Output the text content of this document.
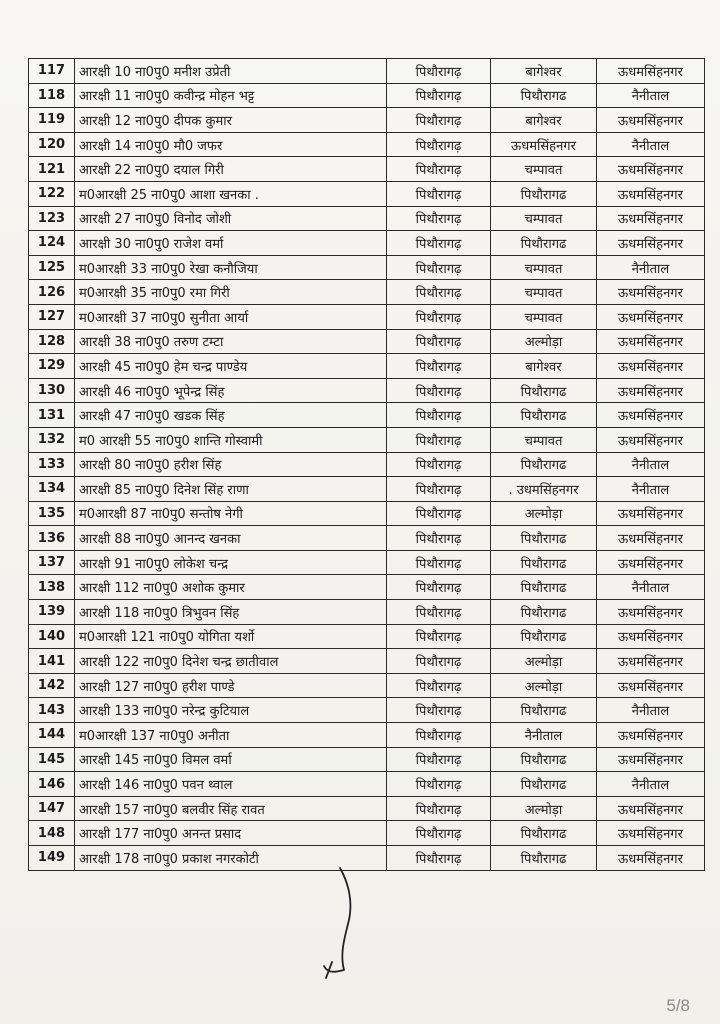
117	आरक्षी 10 ना0पु0 मनीश उप्रेती	पिथौरागढ़	बागेश्वर	ऊधमसिंहनगर
118	आरक्षी 11 ना0पु0 कवीन्द्र मोहन भट्ट	पिथौरागढ़	पिथौरागढ	नैनीताल
119	आरक्षी 12 ना0पु0 दीपक कुमार	पिथौरागढ़	बागेश्वर	ऊधमसिंहनगर
120	आरक्षी 14 ना0पु0 मौ0 जफर	पिथौरागढ़	ऊधमसिंहनगर	नैनीताल
121	आरक्षी 22 ना0पु0 दयाल गिरी	पिथौरागढ़	चम्पावत	ऊधमसिंहनगर
122	म0आरक्षी 25 ना0पु0 आशा खनका .	पिथौरागढ़	पिथौरागढ	ऊधमसिंहनगर
123	आरक्षी 27 ना0पु0 विनोद जोशी	पिथौरागढ़	चम्पावत	ऊधमसिंहनगर
124	आरक्षी 30 ना0पु0 राजेश वर्मा	पिथौरागढ़	पिथौरागढ	ऊधमसिंहनगर
125	म0आरक्षी 33 ना0पु0 रेखा कनौजिया	पिथौरागढ़	चम्पावत	नैनीताल
126	म0आरक्षी 35 ना0पु0 रमा गिरी	पिथौरागढ़	चम्पावत	ऊधमसिंहनगर
127	म0आरक्षी 37 ना0पु0 सुनीता आर्या	पिथौरागढ़	चम्पावत	ऊधमसिंहनगर
128	आरक्षी 38 ना0पु0 तरुण टम्टा	पिथौरागढ़	अल्मोड़ा	ऊधमसिंहनगर
129	आरक्षी 45 ना0पु0 हेम चन्द्र पाण्डेय	पिथौरागढ़	बागेश्वर	ऊधमसिंहनगर
130	आरक्षी 46 ना0पु0 भूपेन्द्र सिंह	पिथौरागढ़	पिथौरागढ	ऊधमसिंहनगर
131	आरक्षी 47 ना0पु0 खडक सिंह	पिथौरागढ़	पिथौरागढ	ऊधमसिंहनगर
132	म0 आरक्षी 55 ना0पु0 शान्ति गोस्वामी	पिथौरागढ़	चम्पावत	ऊधमसिंहनगर
133	आरक्षी 80 ना0पु0 हरीश सिंह	पिथौरागढ़	पिथौरागढ	नैनीताल
134	आरक्षी 85 ना0पु0 दिनेश सिंह राणा	पिथौरागढ़	. उधमसिंहनगर	नैनीताल
135	म0आरक्षी 87 ना0पु0 सन्तोष नेगी	पिथौरागढ़	अल्मोड़ा	ऊधमसिंहनगर
136	आरक्षी 88 ना0पु0 आनन्द खनका	पिथौरागढ़	पिथौरागढ	ऊधमसिंहनगर
137	आरक्षी 91 ना0पु0 लोकेश चन्द्र	पिथौरागढ़	पिथौरागढ	ऊधमसिंहनगर
138	आरक्षी 112 ना0पु0 अशोक कुमार	पिथौरागढ़	पिथौरागढ	नैनीताल
139	आरक्षी 118 ना0पु0 त्रिभुवन सिंह	पिथौरागढ़	पिथौरागढ	ऊधमसिंहनगर
140	म0आरक्षी 121 ना0पु0 योगिता यर्शो	पिथौरागढ़	पिथौरागढ	ऊधमसिंहनगर
141	आरक्षी 122 ना0पु0 दिनेश चन्द्र छातीवाल	पिथौरागढ़	अल्मोड़ा	ऊधमसिंहनगर
142	आरक्षी 127 ना0पु0 हरीश पाण्डे	पिथौरागढ़	अल्मोड़ा	ऊधमसिंहनगर
143	आरक्षी 133 ना0पु0 नरेन्द्र कुटियाल	पिथौरागढ़	पिथौरागढ	नैनीताल
144	म0आरक्षी 137 ना0पु0 अनीता	पिथौरागढ़	नैनीताल	ऊधमसिंहनगर
145	आरक्षी 145 ना0पु0 विमल वर्मा	पिथौरागढ़	पिथौरागढ	ऊधमसिंहनगर
146	आरक्षी 146 ना0पु0 पवन थ्वाल	पिथौरागढ़	पिथौरागढ	नैनीताल
147	आरक्षी 157 ना0पु0 बलवीर सिंह रावत	पिथौरागढ़	अल्मोड़ा	ऊधमसिंहनगर
148	आरक्षी 177 ना0पु0 अनन्त प्रसाद	पिथौरागढ़	पिथौरागढ	ऊधमसिंहनगर
149	आरक्षी 178 ना0पु0 प्रकाश नगरकोटी	पिथौरागढ़	पिथौरागढ	ऊधमसिंहनगर
5/8
